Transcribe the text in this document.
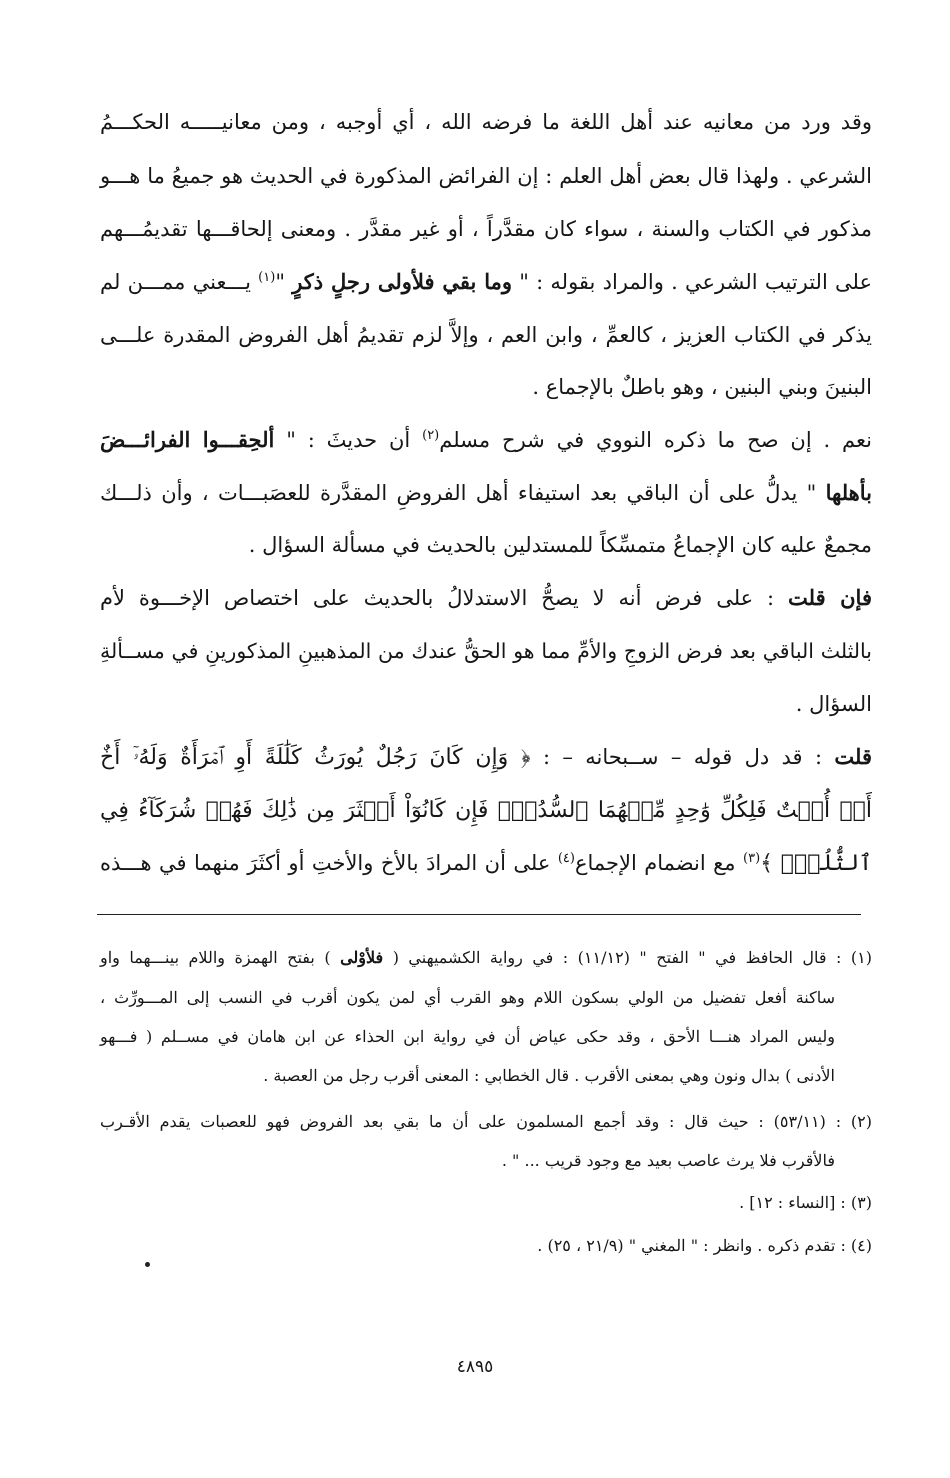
وقد ورد من معانيه عند أهل اللغة ما فرضه الله ، أي أوجبه ، ومن معانيـــــه الحكـــمُ
الشرعي . ولهذا قال بعض أهل العلم : إن الفرائض المذكورة في الحديث هو جميعُ ما هـــو
مذكور في الكتاب والسنة ، سواء كان مقدَّراً ، أو غير مقدَّر . ومعنى إلحاقـــها تقديمُـــهم
على الترتيب الشرعي . والمراد بقوله : " وما بقي فلأولى رجلٍ ذكرٍ "$^{(١)}$ يـــعني ممـــن لم
يذكر في الكتاب العزيز ، كالعمِّ ، وابن العم ، وإلاَّ لزم تقديمُ أهل الفروض المقدرة علـــى
البنينَ وبني البنين ، وهو باطلٌ بالإجماع .
نعم . إن صح ما ذكره النووي في شرح مسلم$^{(٢)}$ أن حديثَ : " ألحِقـــوا الفرائـــضَ
بأهلها " يدلُّ على أن الباقي بعد استيفاء أهل الفروضِ المقدَّرة للعصَبـــات ، وأن ذلـــك
مجمعٌ عليه كان الإجماعُ متمسِّكاً للمستدلين بالحديث في مسألة السؤال .
فإن قلت : على فرض أنه لا يصحُّ الاستدلالُ بالحديث على اختصاص الإخـــوة لأم
بالثلث الباقي بعد فرض الزوجِ والأمِّ مما هو الحقُّ عندك من المذهبينِ المذكورينِ في مســألةِ
السؤال .
قلت : قد دل قوله – ســبحانه – : ﴿ وَإِن كَانَ رَجُلٌ يُورَثُ كَلَٰلَةً أَوِ ٱمۡرَأَةٌ وَلَهُۥٓ أَخٌ
أَوۡ أُخۡتٌ فَلِكُلِّ وَٰحِدٍ مِّنۡهُمَا ٱلسُّدُسُۚ فَإِن كَانُوٓاْ أَكۡثَرَ مِن ذَٰلِكَ فَهُمۡ شُرَكَآءُ فِي
ٱلثُّلُثِۚ ﴾$^{(٣)}$ مع انضمام الإجماع$^{(٤)}$ على أن المرادَ بالأخ والأختِ أو أكثَرَ منهما في هـــذه
(١) : قال الحافظ في " الفتح " (١١/١٢) : في رواية الكشميهني ( فلأوْلى ) بفتح الهمزة واللام بينـــهما واو
ساكنة أفعل تفضيل من الولي بسكون اللام وهو القرب أي لمن يكون أقرب في النسب إلى المـــورِّث ،
وليس المراد هنـــا الأحق ، وقد حكى عياض أن في رواية ابن الحذاء عن ابن هامان في مســلم ( فـــهو
الأدنى ) بدال ونون وهي بمعنى الأقرب . قال الخطابي : المعنى أقرب رجل من العصبة .
(٢) : (٥٣/١١) : حيث قال : وقد أجمع المسلمون على أن ما بقي بعد الفروض فهو للعصبات يقدم الأقـرب
فالأقرب فلا يرث عاصب بعيد مع وجود قريب ... " .
(٣) : [النساء : ١٢] .
(٤) : تقدم ذكره . وانظر : " المغني " (٢١/٩ ، ٢٥) .
٤٨٩٥
